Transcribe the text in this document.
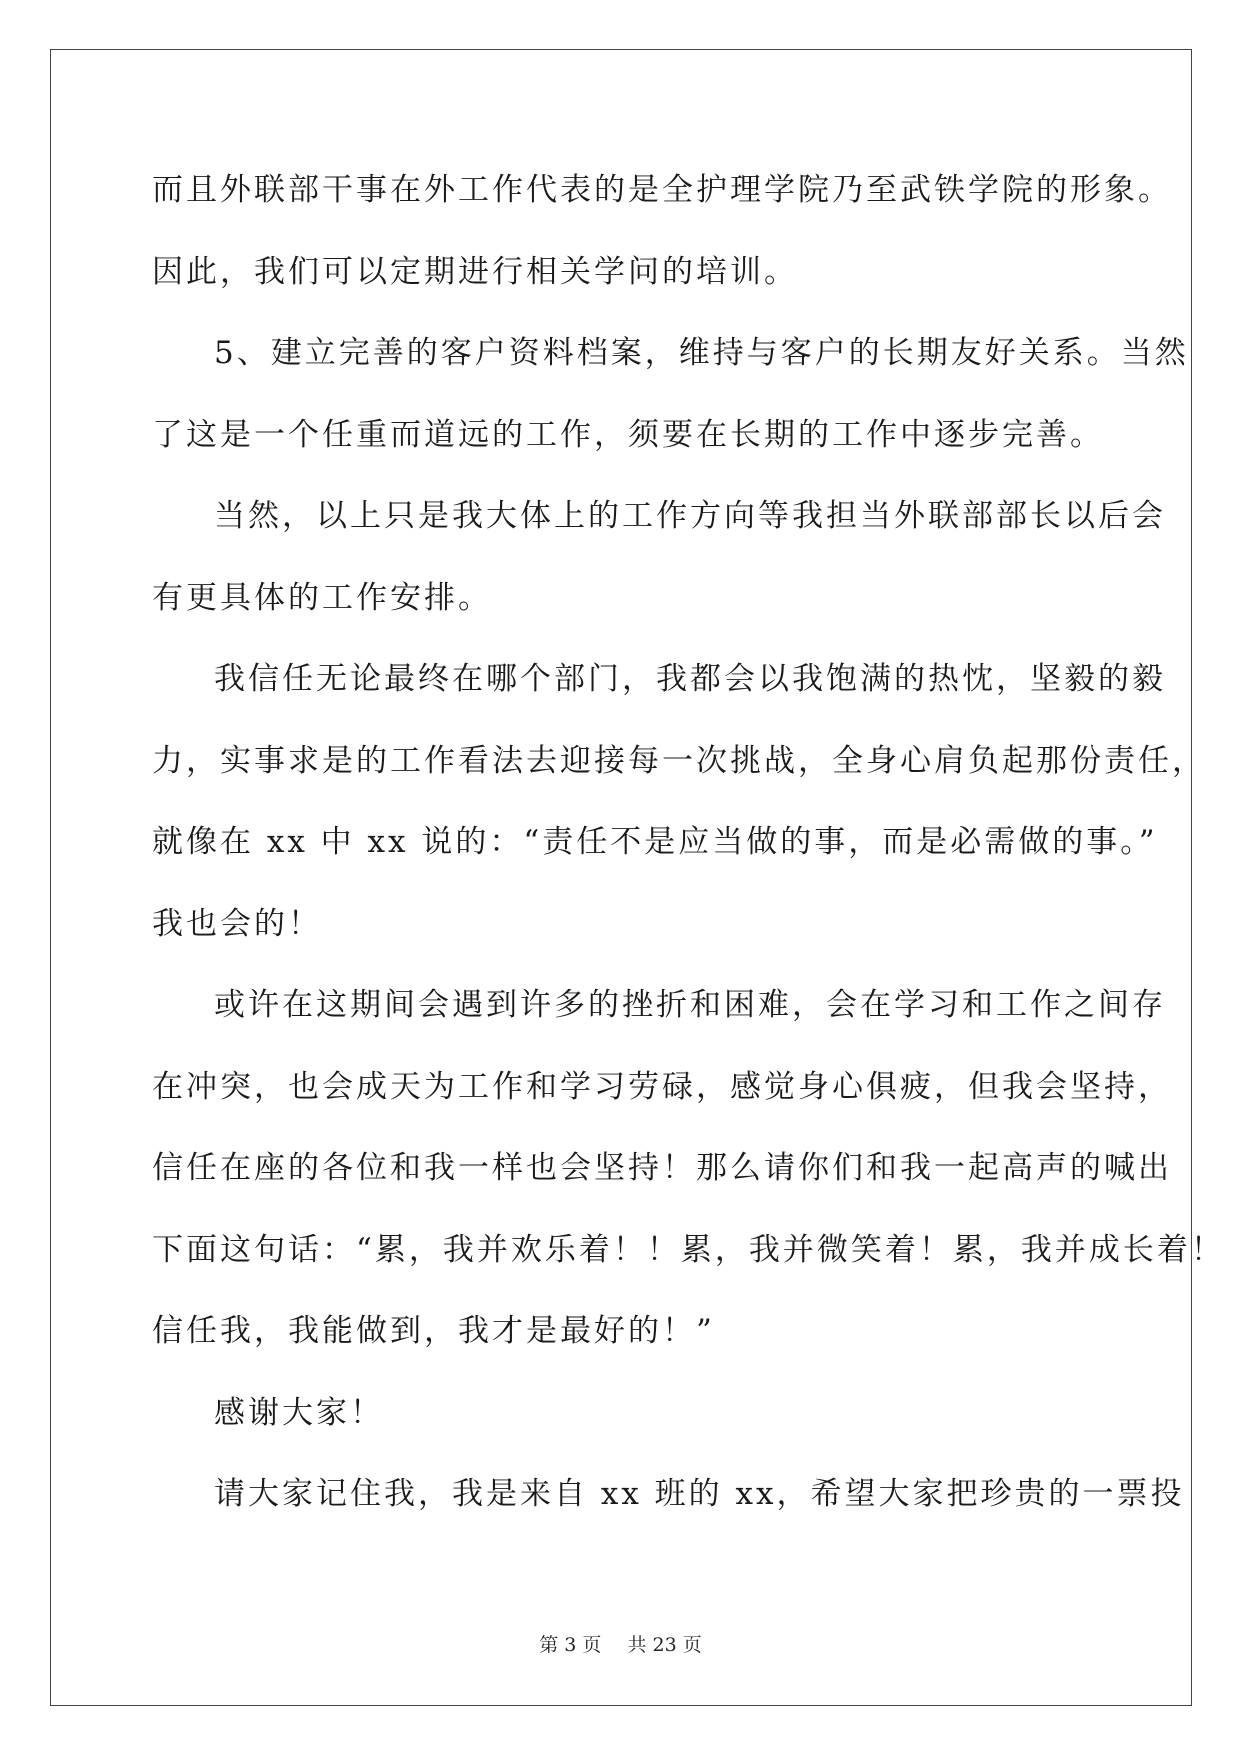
而且外联部干事在外工作代表的是全护理学院乃至武铁学院的形象。
因此，我们可以定期进行相关学问的培训。
5、建立完善的客户资料档案，维持与客户的长期友好关系。当然
了这是一个任重而道远的工作，须要在长期的工作中逐步完善。
当然，以上只是我大体上的工作方向等我担当外联部部长以后会
有更具体的工作安排。
我信任无论最终在哪个部门，我都会以我饱满的热忱，坚毅的毅
力，实事求是的工作看法去迎接每一次挑战，全身心肩负起那份责任，
就像在 xx 中 xx 说的：“责任不是应当做的事，而是必需做的事。”
我也会的！
或许在这期间会遇到许多的挫折和困难，会在学习和工作之间存
在冲突，也会成天为工作和学习劳碌，感觉身心俱疲，但我会坚持，
信任在座的各位和我一样也会坚持！那么请你们和我一起高声的喊出
下面这句话：“累，我并欢乐着！！累，我并微笑着！累，我并成长着！
信任我，我能做到，我才是最好的！”
感谢大家！
请大家记住我，我是来自 xx 班的 xx，希望大家把珍贵的一票投
第 3 页 共 23 页
